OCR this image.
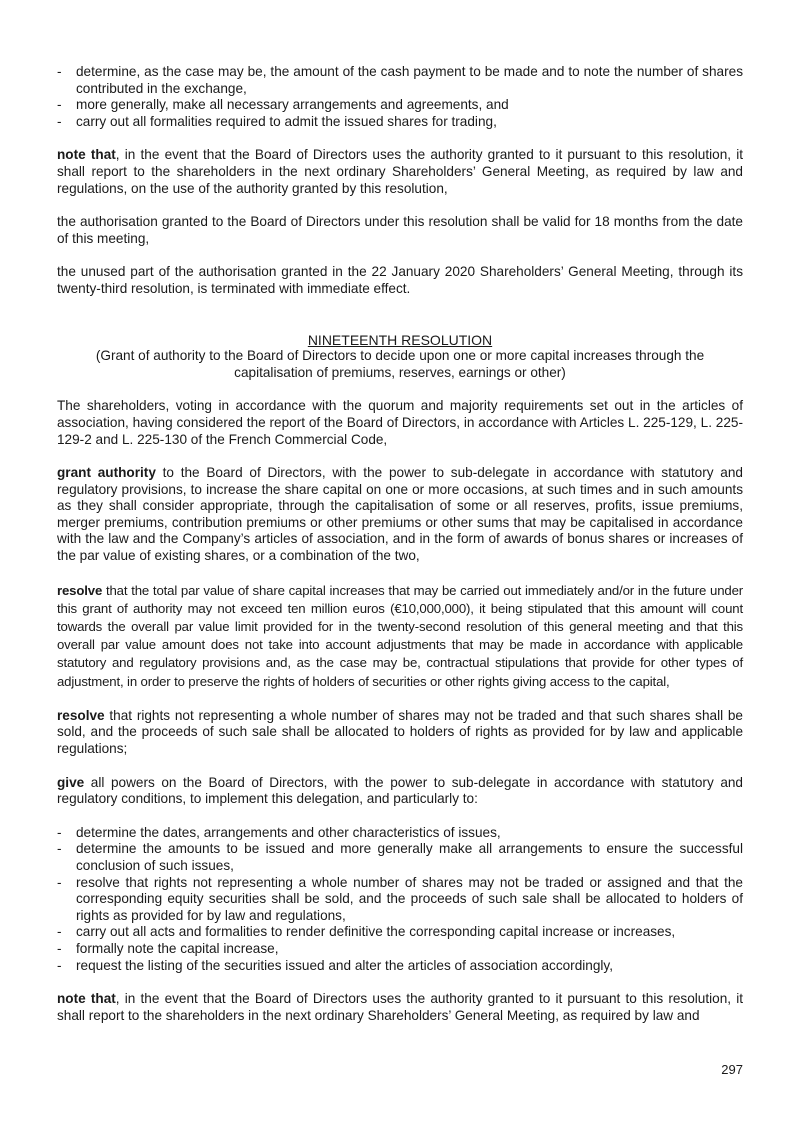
- determine, as the case may be, the amount of the cash payment to be made and to note the number of shares contributed in the exchange,
- more generally, make all necessary arrangements and agreements, and
- carry out all formalities required to admit the issued shares for trading,

note that, in the event that the Board of Directors uses the authority granted to it pursuant to this resolution, it shall report to the shareholders in the next ordinary Shareholders’ General Meeting, as required by law and regulations, on the use of the authority granted by this resolution,

the authorisation granted to the Board of Directors under this resolution shall be valid for 18 months from the date of this meeting,

the unused part of the authorisation granted in the 22 January 2020 Shareholders’ General Meeting, through its twenty-third resolution, is terminated with immediate effect.

NINETEENTH RESOLUTION

(Grant of authority to the Board of Directors to decide upon one or more capital increases through the capitalisation of premiums, reserves, earnings or other)

The shareholders, voting in accordance with the quorum and majority requirements set out in the articles of association, having considered the report of the Board of Directors, in accordance with Articles L. 225-129, L. 225-129-2 and L. 225-130 of the French Commercial Code,

grant authority to the Board of Directors, with the power to sub-delegate in accordance with statutory and regulatory provisions, to increase the share capital on one or more occasions, at such times and in such amounts as they shall consider appropriate, through the capitalisation of some or all reserves, profits, issue premiums, merger premiums, contribution premiums or other premiums or other sums that may be capitalised in accordance with the law and the Company’s articles of association, and in the form of awards of bonus shares or increases of the par value of existing shares, or a combination of the two,

resolve that the total par value of share capital increases that may be carried out immediately and/or in the future under this grant of authority may not exceed ten million euros (€10,000,000), it being stipulated that this amount will count towards the overall par value limit provided for in the twenty-second resolution of this general meeting and that this overall par value amount does not take into account adjustments that may be made in accordance with applicable statutory and regulatory provisions and, as the case may be, contractual stipulations that provide for other types of adjustment, in order to preserve the rights of holders of securities or other rights giving access to the capital,

resolve that rights not representing a whole number of shares may not be traded and that such shares shall be sold, and the proceeds of such sale shall be allocated to holders of rights as provided for by law and applicable regulations;

give all powers on the Board of Directors, with the power to sub-delegate in accordance with statutory and regulatory conditions, to implement this delegation, and particularly to:

- determine the dates, arrangements and other characteristics of issues,
- determine the amounts to be issued and more generally make all arrangements to ensure the successful conclusion of such issues,
- resolve that rights not representing a whole number of shares may not be traded or assigned and that the corresponding equity securities shall be sold, and the proceeds of such sale shall be allocated to holders of rights as provided for by law and regulations,
- carry out all acts and formalities to render definitive the corresponding capital increase or increases,
- formally note the capital increase,
- request the listing of the securities issued and alter the articles of association accordingly,

note that, in the event that the Board of Directors uses the authority granted to it pursuant to this resolution, it shall report to the shareholders in the next ordinary Shareholders’ General Meeting, as required by law and

297
